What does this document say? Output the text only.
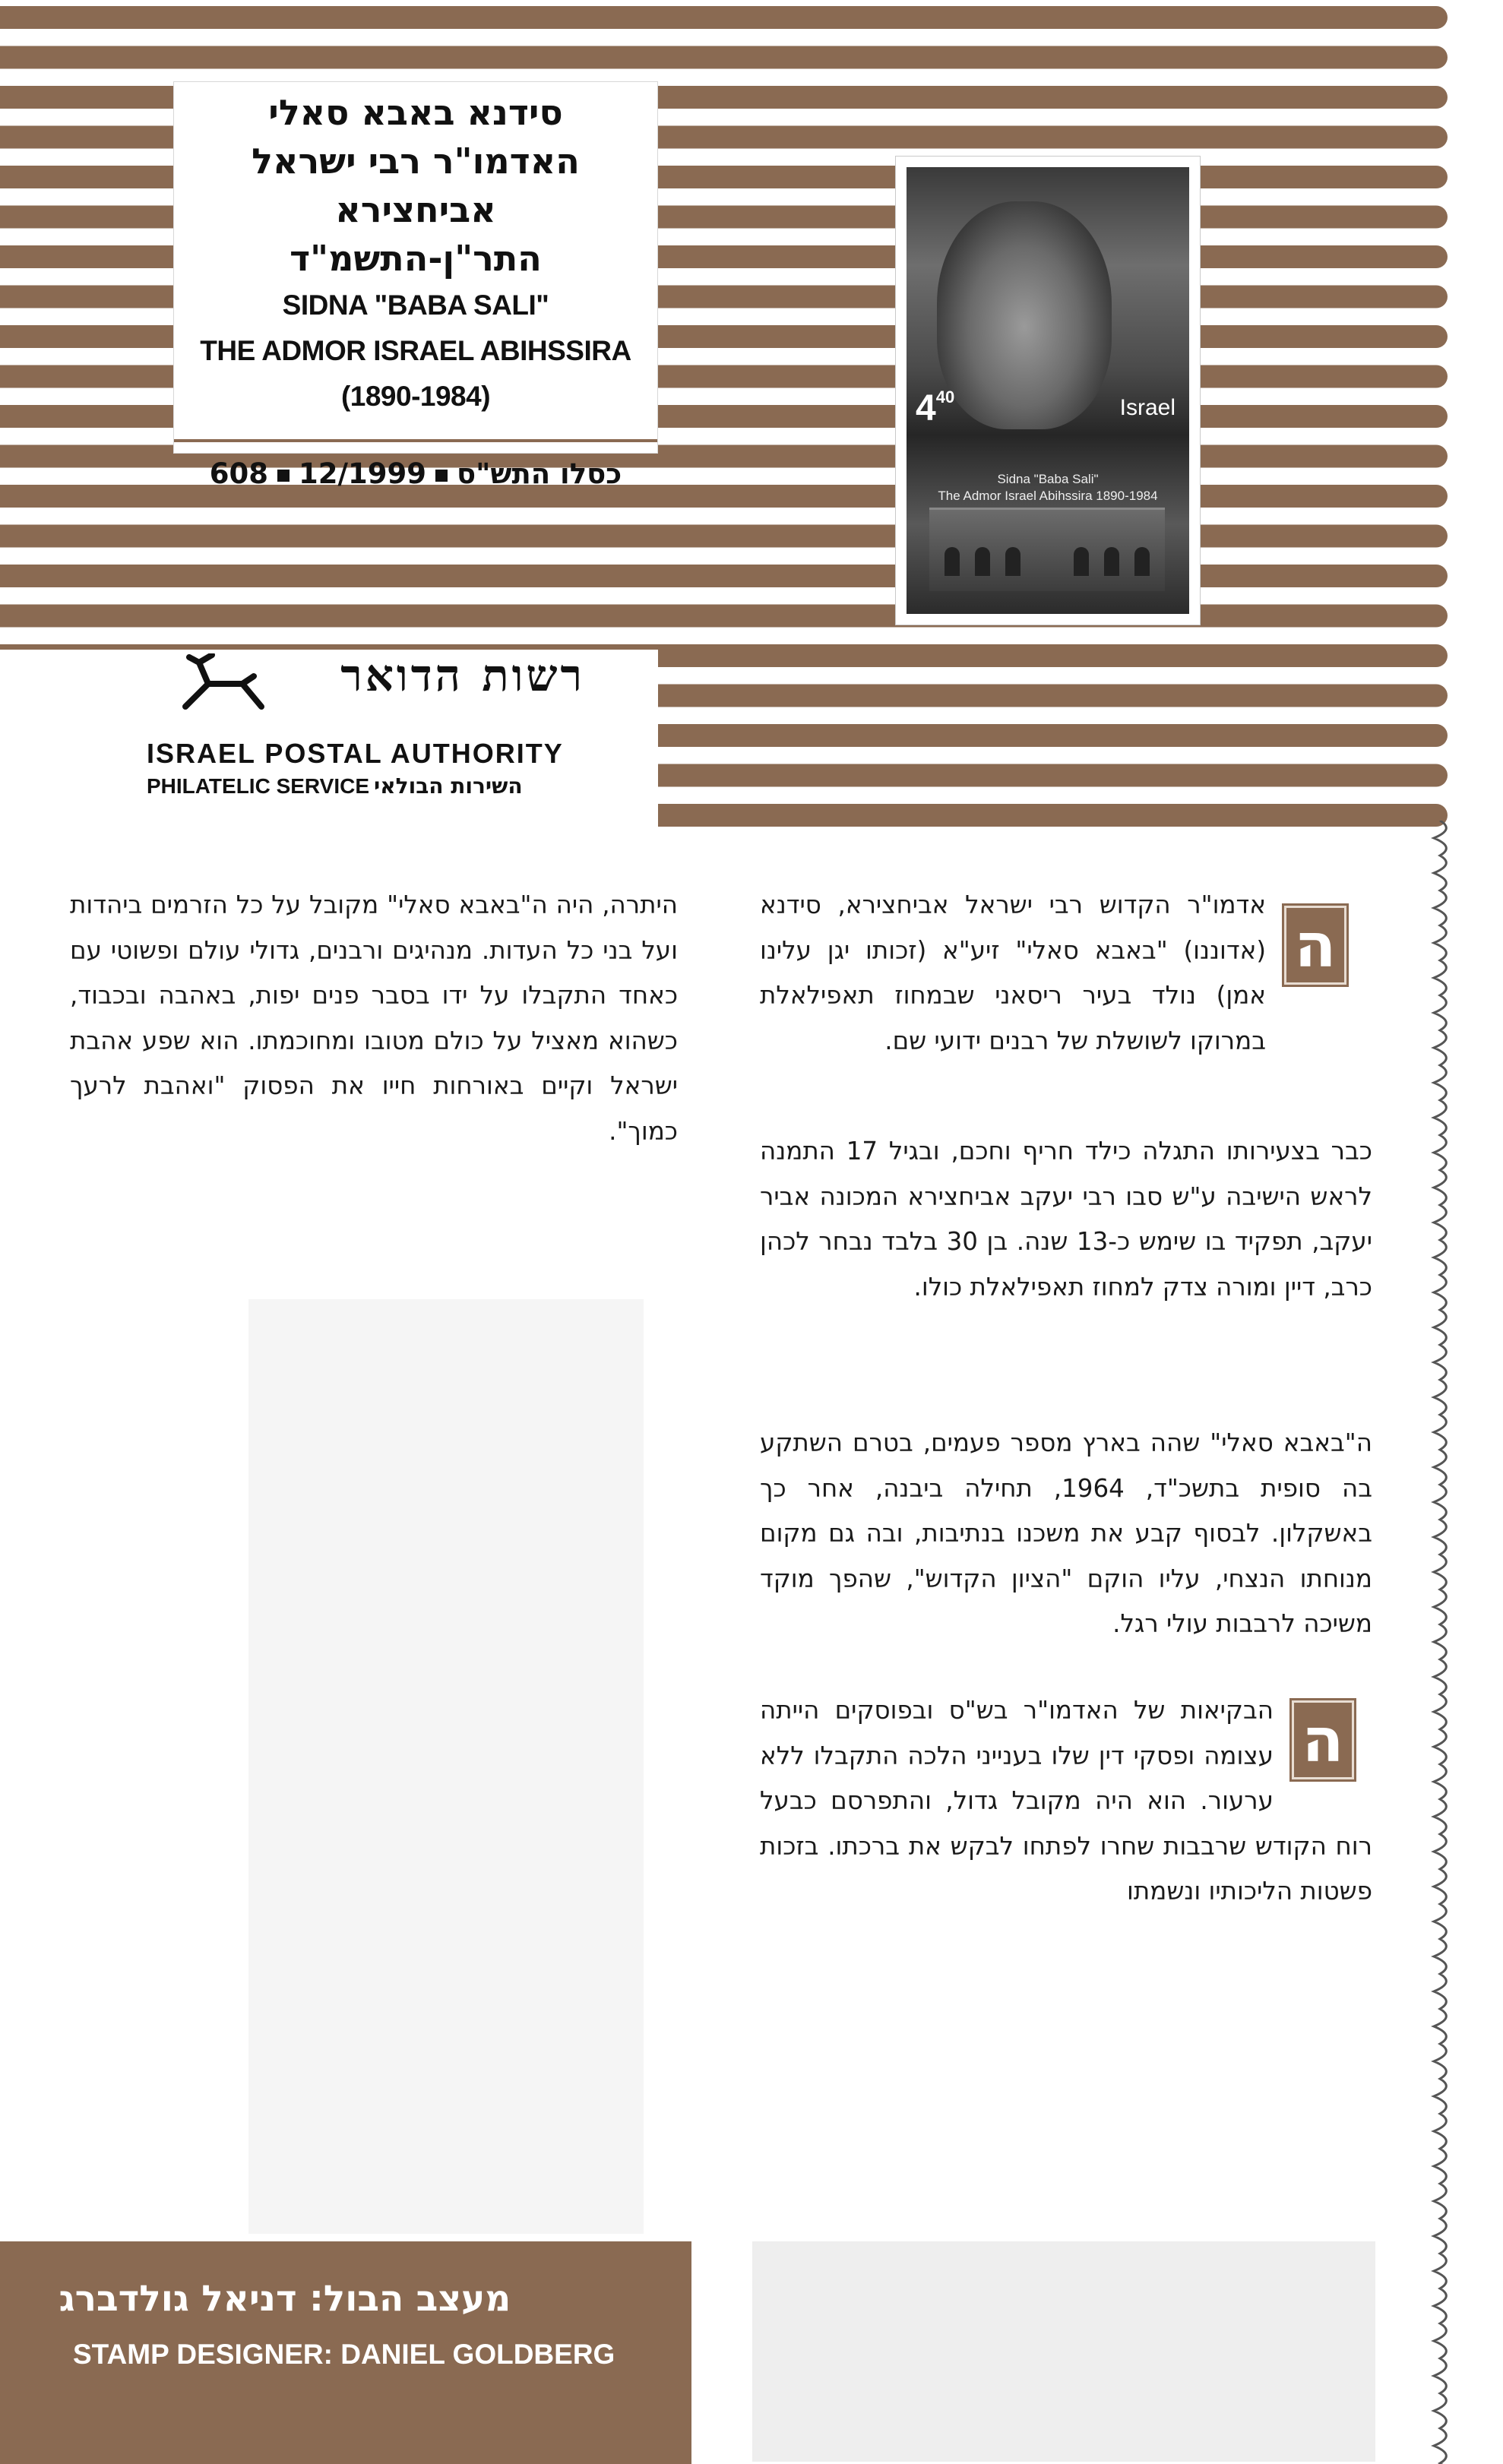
סידנא באבא סאלי
האדמו"ר רבי ישראל אביחצירא
התר"ן-התשמ"ד
SIDNA "BABA SALI"
THE ADMOR ISRAEL ABIHSSIRA
(1890-1984)
כסלו התש"ס12/1999608
$4^{40}$	Israel
Sidna "Baba Sali"
The Admor Israel Abihssira 1890-1984
רשות הדואר
ISRAEL POSTAL AUTHORITY
PHILATELIC SERVICE השירות הבולאי
ה
אדמו"ר הקדוש רבי ישראל אביחצירא, סידנא (אדוננו) "באבא סאלי" זיע"א (זכותו יגן עלינו אמן) נולד בעיר ריסאני שבמחוז תאפילאלת במרוקו לשושלת של רבנים ידועי שם.
כבר בצעירותו התגלה כילד חריף וחכם, ובגיל 17 התמנה לראש הישיבה ע"ש סבו רבי יעקב אביחצירא המכונה אביר יעקב, תפקיד בו שימש כ-13 שנה. בן 30 בלבד נבחר לכהן כרב, דיין ומורה צדק למחוז תאפילאלת כולו.
ה"באבא סאלי" שהה בארץ מספר פעמים, בטרם השתקע בה סופית בתשכ"ד, 1964, תחילה ביבנה, אחר כך באשקלון. לבסוף קבע את משכנו בנתיבות, ובה גם מקום מנוחתו הנצחי, עליו הוקם "הציון הקדוש", שהפך מוקד משיכה לרבבות עולי רגל.
ה
הבקיאות של האדמו"ר בש"ס ובפוסקים הייתה עצומה ופסקי דין שלו בענייני הלכה התקבלו ללא ערעור. הוא היה מקובל גדול, והתפרסם כבעל רוח הקודש שרבבות שחרו לפתחו לבקש את ברכתו. בזכות פשטות הליכותיו ונשמתו
היתרה, היה ה"באבא סאלי" מקובל על כל הזרמים ביהדות ועל בני כל העדות. מנהיגים ורבנים, גדולי עולם ופשוטי עם כאחד התקבלו על ידו בסבר פנים יפות, באהבה ובכבוד, כשהוא מאציל על כולם מטובו ומחוכמתו. הוא שפע אהבת ישראל וקיים באורחות חייו את הפסוק "ואהבת לרעך כמוך".
מעצב הבול: דניאל גולדברג
STAMP DESIGNER: DANIEL GOLDBERG
